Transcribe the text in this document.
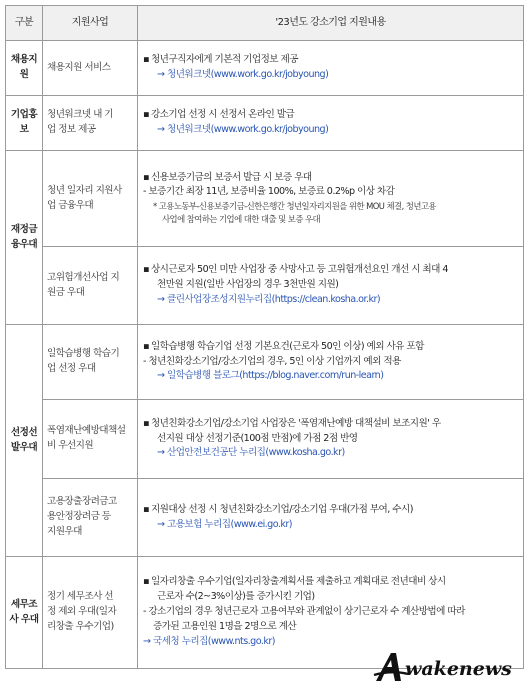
구분	지원사업	'23년도 강소기업 지원내용

채용지
원	채용지원 서비스	▪ 청년구직자에게 기본적 기업정보 제공
→ 청년워크넷(www.work.go.kr/jobyoung)

기업홍
보	청년워크넷 내 기
업 정보 제공	▪ 강소기업 선정 시 선정서 온라인 발급
→ 청년워크넷(www.work.go.kr/jobyoung)

재정금
융우대	청년 일자리 지원사
업 금융우대	▪ 신용보증기금의 보증서 발급 시 보증 우대
- 보증기간 최장 11년, 보증비율 100%, 보증료 0.2%p 이상 차감
* 고용노동부-신용보증기금-신한은행간 청년일자리지원을 위한 MOU 체결, 청년고용
사업에 참여하는 기업에 대한 대출 및 보증 우대

	고위험개선사업 지
원금 우대	▪ 상시근로자 50인 미만 사업장 중 사망사고 등 고위험개선요인 개선 시 최대 4
천만원 지원(일반 사업장의 경우 3천만원 지원)
→ 클린사업장조성지원누리집(https://clean.kosha.or.kr)

선정선
발우대	일학습병행 학습기
업 선정 우대	▪ 일학습병행 학습기업 선정 기본요건(근로자 50인 이상) 예외 사유 포함
- 청년친화강소기업/강소기업의 경우, 5인 이상 기업까지 예외 적용
→ 일학습병행 블로그(https://blog.naver.com/run-learn)

	폭염재난예방대책설
비 우선지원	▪ 청년친화강소기업/강소기업 사업장은 '폭염재난예방 대책설비 보조지원' 우
선지원 대상 선정기준(100점 만점)에 가점 2점 반영
→ 산업안전보건공단 누리집(www.kosha.go.kr)

	고용장출장려금고
용안정장려금 등
지원우대	▪ 지원대상 선정 시 청년친화강소기업/강소기업 우대(가점 부여, 수시)
→ 고용보험 누리집(www.ei.go.kr)

세무조
사 우대	정기 세무조사 선
정 제외 우대(일자
리창출 우수기업)	▪ 일자리창출 우수기업(일자리창출계획서를 제출하고 계획대로 전년대비 상시
근로자 수(2~3%이상)를 증가시킨 기업)
- 강소기업의 경우 청년근로자 고용여부와 관계없이 상기근로자 수 계산방법에 따라
증가된 고용인원 1명을 2명으로 계산
→ 국세청 누리집(www.nts.go.kr)
wakenews
